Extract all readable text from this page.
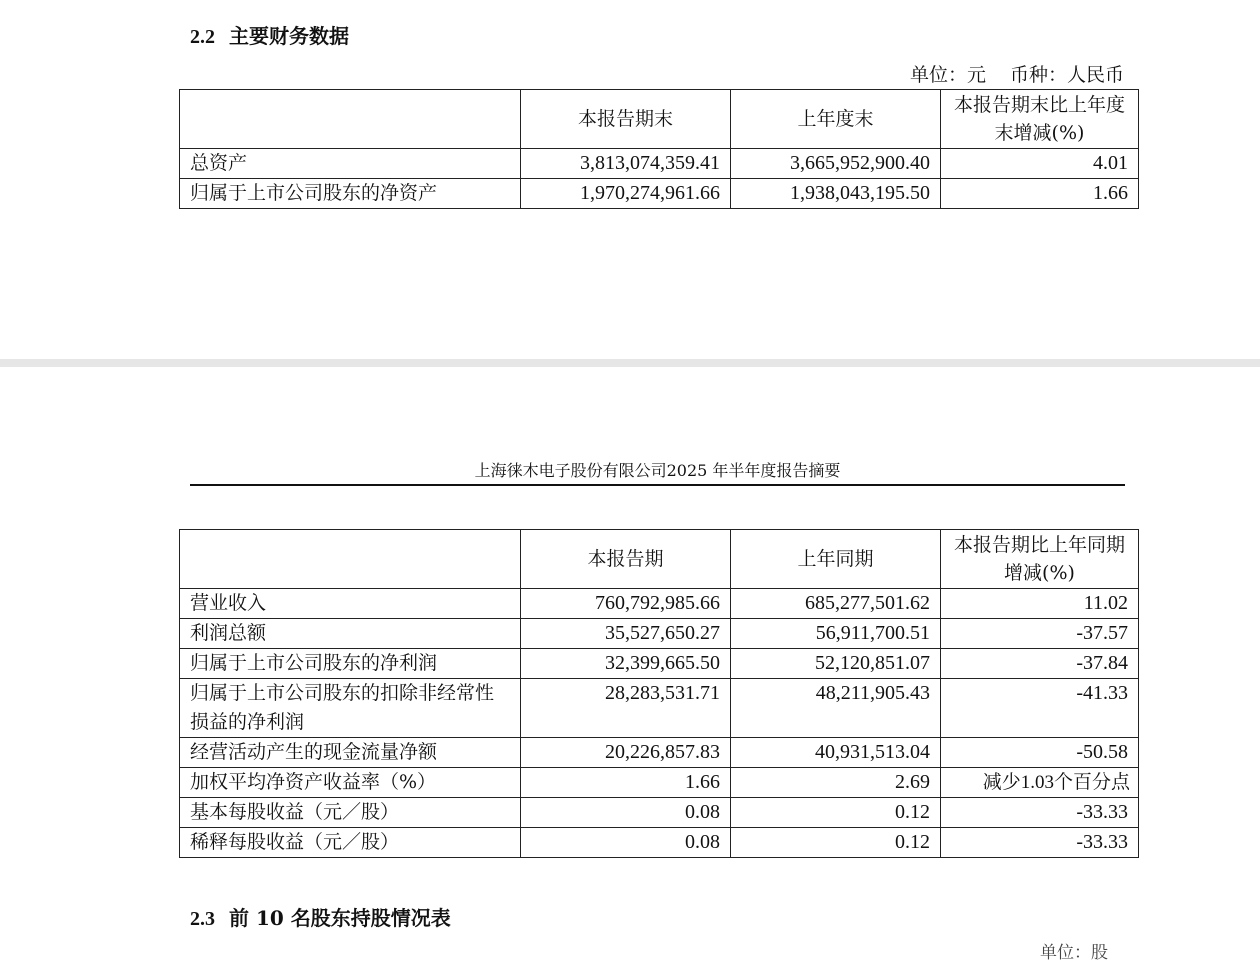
2.2 主要财务数据
单位：元 币种：人民币
	本报告期末	上年度末	本报告期末比上年度末增减(%)
总资产	3,813,074,359.41	3,665,952,900.40	4.01
归属于上市公司股东的净资产	1,970,274,961.66	1,938,043,195.50	1.66
上海徕木电子股份有限公司2025 年半年度报告摘要
	本报告期	上年同期	本报告期比上年同期增减(%)
营业收入	760,792,985.66	685,277,501.62	11.02
利润总额	35,527,650.27	56,911,700.51	-37.57
归属于上市公司股东的净利润	32,399,665.50	52,120,851.07	-37.84
归属于上市公司股东的扣除非经常性损益的净利润	28,283,531.71	48,211,905.43	-41.33
经营活动产生的现金流量净额	20,226,857.83	40,931,513.04	-50.58
加权平均净资产收益率（%）	1.66	2.69	减少1.03个百分点
基本每股收益（元／股）	0.08	0.12	-33.33
稀释每股收益（元／股）	0.08	0.12	-33.33
2.3 前 10 名股东持股情况表
单位：股
